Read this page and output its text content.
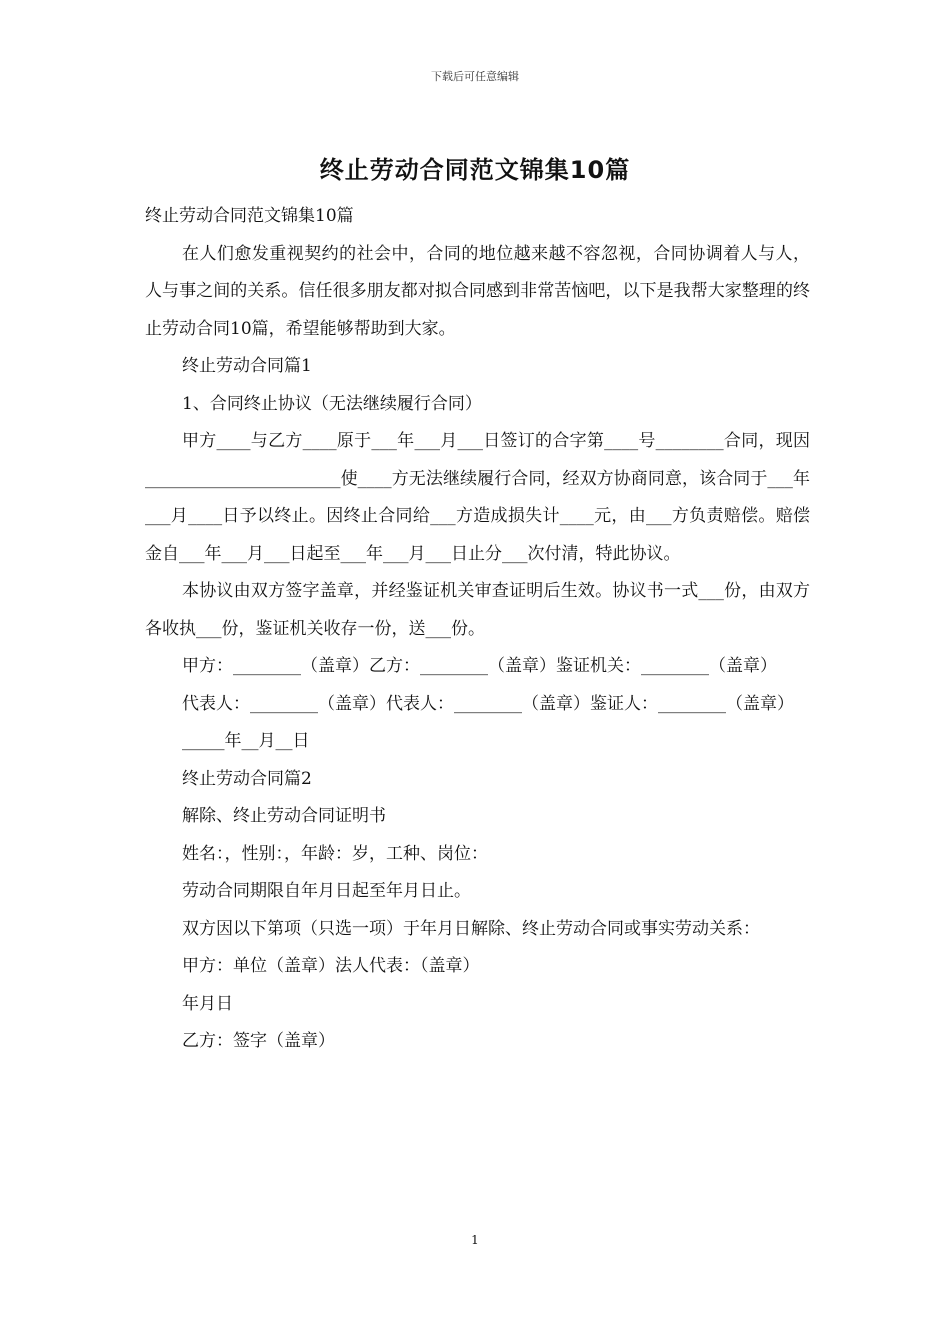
下载后可任意编辑
终止劳动合同范文锦集10篇

终止劳动合同范文锦集10篇

在人们愈发重视契约的社会中，合同的地位越来越不容忽视，合同协调着人与人，人与事之间的关系。信任很多朋友都对拟合同感到非常苦恼吧，以下是我帮大家整理的终止劳动合同10篇，希望能够帮助到大家。

终止劳动合同篇1

1、合同终止协议（无法继续履行合同）

甲方____与乙方____原于___年___月___日签订的合字第____号________合同，现因_______________________使____方无法继续履行合同，经双方协商同意，该合同于___年___月____日予以终止。因终止合同给___方造成损失计____元，由___方负责赔偿。赔偿金自___年___月___日起至___年___月___日止分___次付清，特此协议。

本协议由双方签字盖章，并经鉴证机关审查证明后生效。协议书一式___份，由双方各收执___份，鉴证机关收存一份，送___份。

甲方：________（盖章）乙方：________（盖章）鉴证机关：________（盖章）

代表人：________（盖章）代表人：________（盖章）鉴证人：________（盖章）

_____年__月__日

终止劳动合同篇2

解除、终止劳动合同证明书

姓名：，性别：，年龄：岁，工种、岗位：

劳动合同期限自年月日起至年月日止。

双方因以下第项（只选一项）于年月日解除、终止劳动合同或事实劳动关系：

甲方：单位（盖章）法人代表：（盖章）

年月日

乙方：签字（盖章）

1
